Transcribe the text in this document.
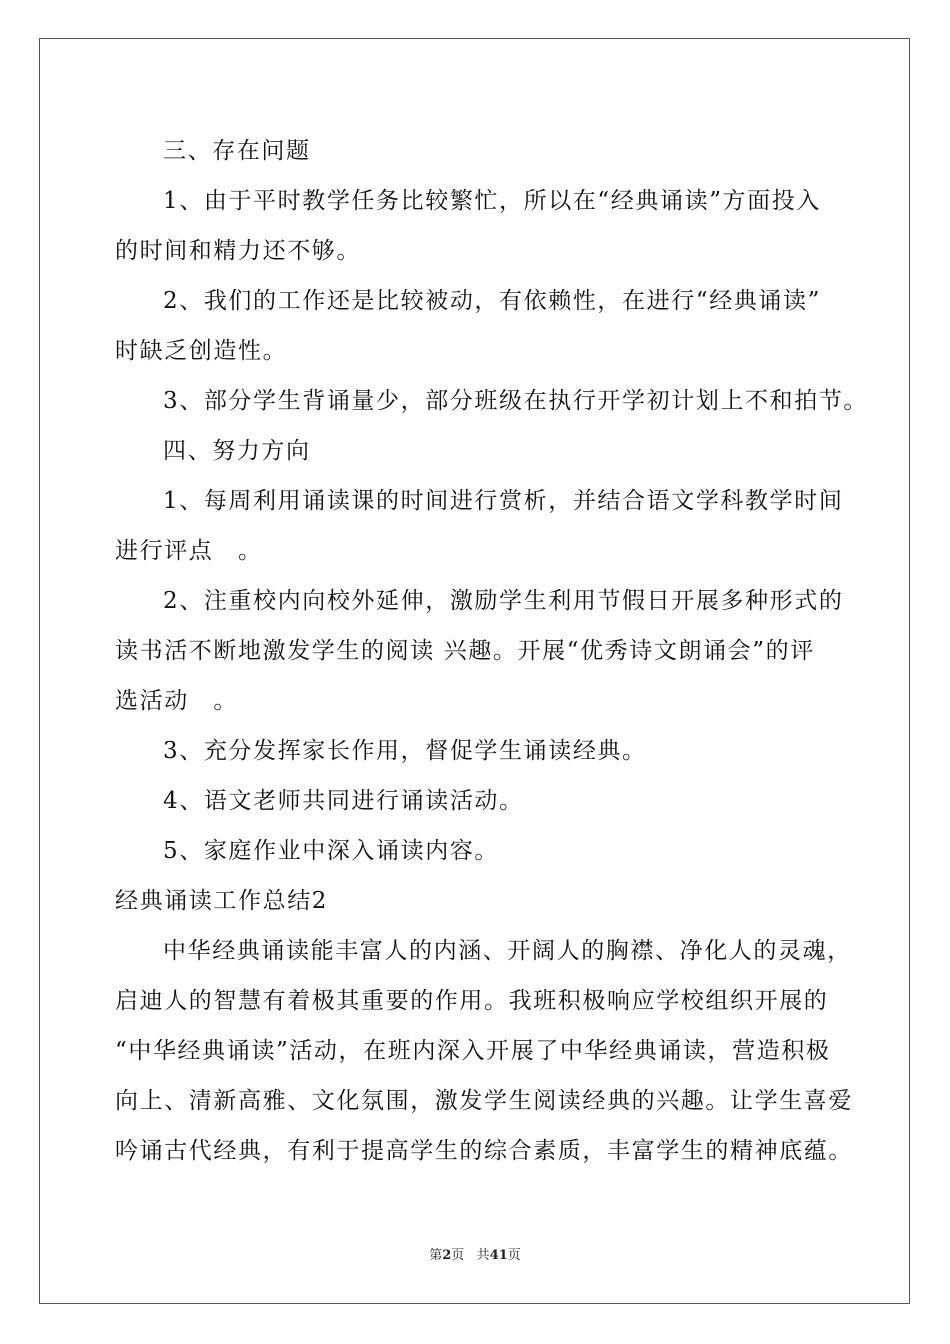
三、存在问题
1、由于平时教学任务比较繁忙，所以在“经典诵读”方面投入
的时间和精力还不够。
2、我们的工作还是比较被动，有依赖性，在进行“经典诵读”
时缺乏创造性。
3、部分学生背诵量少，部分班级在执行开学初计划上不和拍节。
四、努力方向
1、每周利用诵读课的时间进行赏析，并结合语文学科教学时间
进行评点　。
2、注重校内向校外延伸，激励学生利用节假日开展多种形式的
读书活不断地激发学生的阅读 兴趣。开展“优秀诗文朗诵会”的评
选活动　。
3、充分发挥家长作用，督促学生诵读经典。
4、语文老师共同进行诵读活动。
5、家庭作业中深入诵读内容。
经典诵读工作总结2
中华经典诵读能丰富人的内涵、开阔人的胸襟、净化人的灵魂，
启迪人的智慧有着极其重要的作用。我班积极响应学校组织开展的
“中华经典诵读”活动，在班内深入开展了中华经典诵读，营造积极
向上、清新高雅、文化氛围，激发学生阅读经典的兴趣。让学生喜爱
吟诵古代经典，有利于提高学生的综合素质，丰富学生的精神底蕴。
第2页 共41页
